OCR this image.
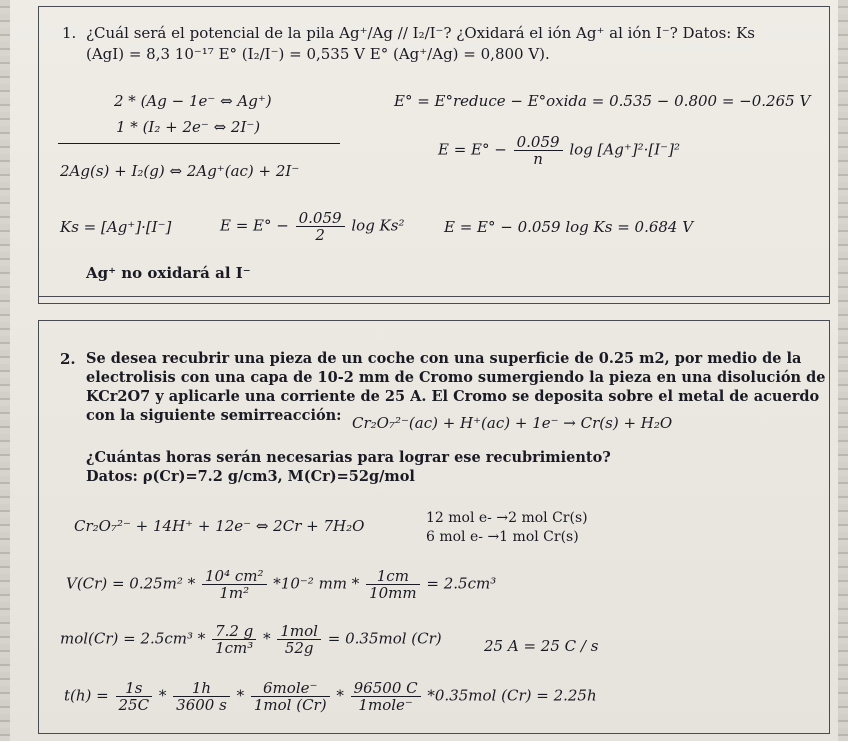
1. ¿Cuál será el potencial de la pila Ag⁺/Ag // I₂/I⁻? ¿Oxidará el ión Ag⁺ al ión I⁻? Datos: Ks
(AgI) = 8,3 10⁻¹⁷ E° (I₂/I⁻) = 0,535 V E° (Ag⁺/Ag) = 0,800 V).
2 * (Ag − 1e⁻ ⇔ Ag⁺)
1 * (I₂ + 2e⁻ ⇔ 2I⁻)
2Ag(s) + I₂(g) ⇔ 2Ag⁺(ac) + 2I⁻
E° = E°reduce − E°oxida = 0.535 − 0.800 = −0.265 V
$E = E^\circ - \frac{0.059}{n}$ log [Ag⁺]²·[I⁻]²
Ks = [Ag⁺]·[I⁻]	$E = E^\circ - \frac{0.059}{2}$ log Ks²	E = E° − 0.059 log Ks = 0.684 V
Ag⁺ no oxidará al I⁻
2. Se desea recubrir una pieza de un coche con una superficie de 0.25 m2, por medio de la
electrolisis con una capa de 10-2 mm de Cromo sumergiendo la pieza en una disolución de
KCr2O7 y aplicarle una corriente de 25 A. El Cromo se deposita sobre el metal de acuerdo
con la siguiente semirreacción: Cr₂O₇²⁻(ac) + H⁺(ac) + 1e⁻ → Cr(s) + H₂O
¿Cuántas horas serán necesarias para lograr ese recubrimiento?
Datos: ρ(Cr)=7.2 g/cm3, M(Cr)=52g/mol
Cr₂O₇²⁻ + 14H⁺ + 12e⁻ ⇔ 2Cr + 7H₂O	12 mol e- →2 mol Cr(s)
6 mol e- →1 mol Cr(s)
$V(Cr) = 0.25m^2 * \frac{\text{10⁴ cm²}}{\text{1m²}} *10^{-2}$ mm * $\frac{1cm}{10mm} = 2.5cm^3$
$mol(Cr) = 2.5cm^3 * \frac{7.2 g}{\text{1cm³}} * \frac{\text{1mol}}{52g} = 0.35mol$ (Cr)	25 A = 25 C / s
$t(h) = \frac{1s}{25C} * \frac{1h}{3600 s} * \frac{\text{6mole⁻}}{\text{1mol (Cr)}} * \frac{96500 C}{\text{1mole⁻}} *0.35mol$ (Cr) = 2.25h
